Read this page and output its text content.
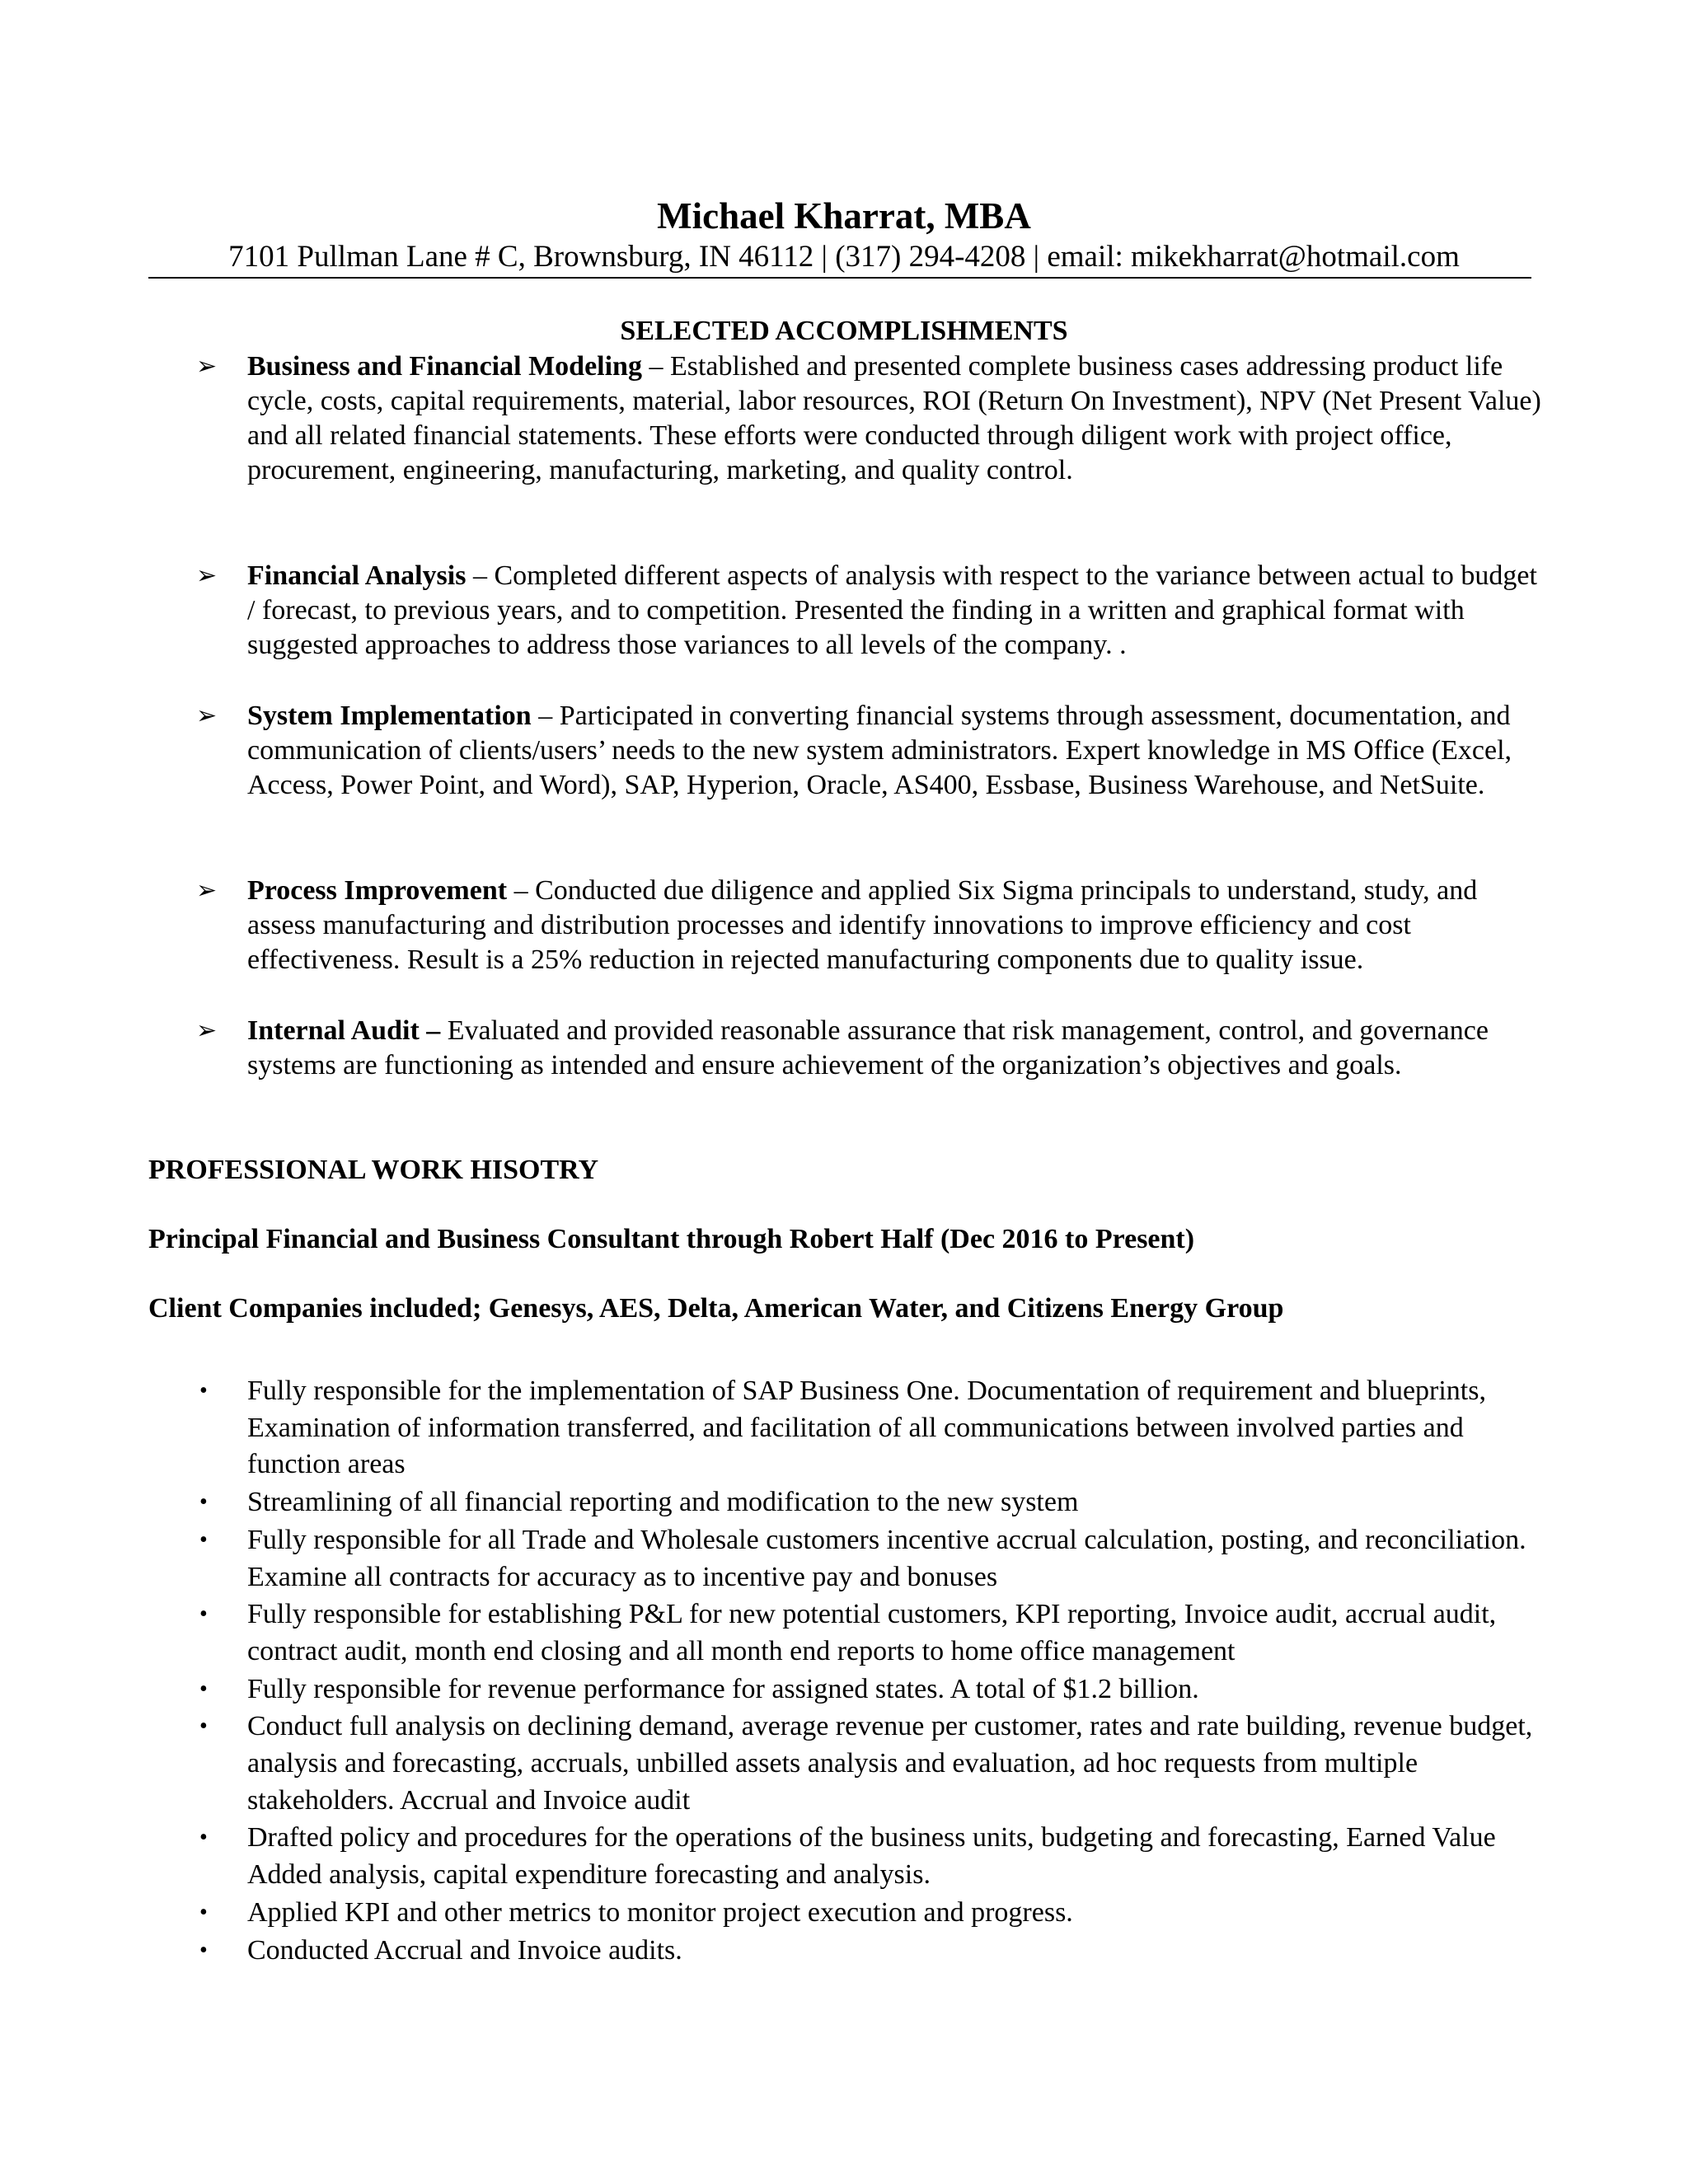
Michael Kharrat, MBA
7101 Pullman Lane # C, Brownsburg, IN 46112 | (317) 294-4208 | email: mikekharrat@hotmail.com
SELECTED ACCOMPLISHMENTS
➢ Business and Financial Modeling – Established and presented complete business cases addressing product life cycle, costs, capital requirements, material, labor resources, ROI (Return On Investment), NPV (Net Present Value) and all related financial statements. These efforts were conducted through diligent work with project office, procurement, engineering, manufacturing, marketing, and quality control.
➢ Financial Analysis – Completed different aspects of analysis with respect to the variance between actual to budget / forecast, to previous years, and to competition. Presented the finding in a written and graphical format with suggested approaches to address those variances to all levels of the company. .
➢ System Implementation – Participated in converting financial systems through assessment, documentation, and communication of clients/users’ needs to the new system administrators. Expert knowledge in MS Office (Excel, Access, Power Point, and Word), SAP, Hyperion, Oracle, AS400, Essbase, Business Warehouse, and NetSuite.
➢ Process Improvement – Conducted due diligence and applied Six Sigma principals to understand, study, and assess manufacturing and distribution processes and identify innovations to improve efficiency and cost effectiveness. Result is a 25% reduction in rejected manufacturing components due to quality issue.
➢ Internal Audit – Evaluated and provided reasonable assurance that risk management, control, and governance systems are functioning as intended and ensure achievement of the organization’s objectives and goals.
PROFESSIONAL WORK HISOTRY
Principal Financial and Business Consultant through Robert Half (Dec 2016 to Present)
Client Companies included; Genesys, AES, Delta, American Water, and Citizens Energy Group
• Fully responsible for the implementation of SAP Business One. Documentation of requirement and blueprints, Examination of information transferred, and facilitation of all communications between involved parties and function areas
• Streamlining of all financial reporting and modification to the new system
• Fully responsible for all Trade and Wholesale customers incentive accrual calculation, posting, and reconciliation. Examine all contracts for accuracy as to incentive pay and bonuses
• Fully responsible for establishing P&L for new potential customers, KPI reporting, Invoice audit, accrual audit, contract audit, month end closing and all month end reports to home office management
• Fully responsible for revenue performance for assigned states. A total of $1.2 billion.
• Conduct full analysis on declining demand, average revenue per customer, rates and rate building, revenue budget, analysis and forecasting, accruals, unbilled assets analysis and evaluation, ad hoc requests from multiple stakeholders. Accrual and Invoice audit
• Drafted policy and procedures for the operations of the business units, budgeting and forecasting, Earned Value Added analysis, capital expenditure forecasting and analysis.
• Applied KPI and other metrics to monitor project execution and progress.
• Conducted Accrual and Invoice audits.
